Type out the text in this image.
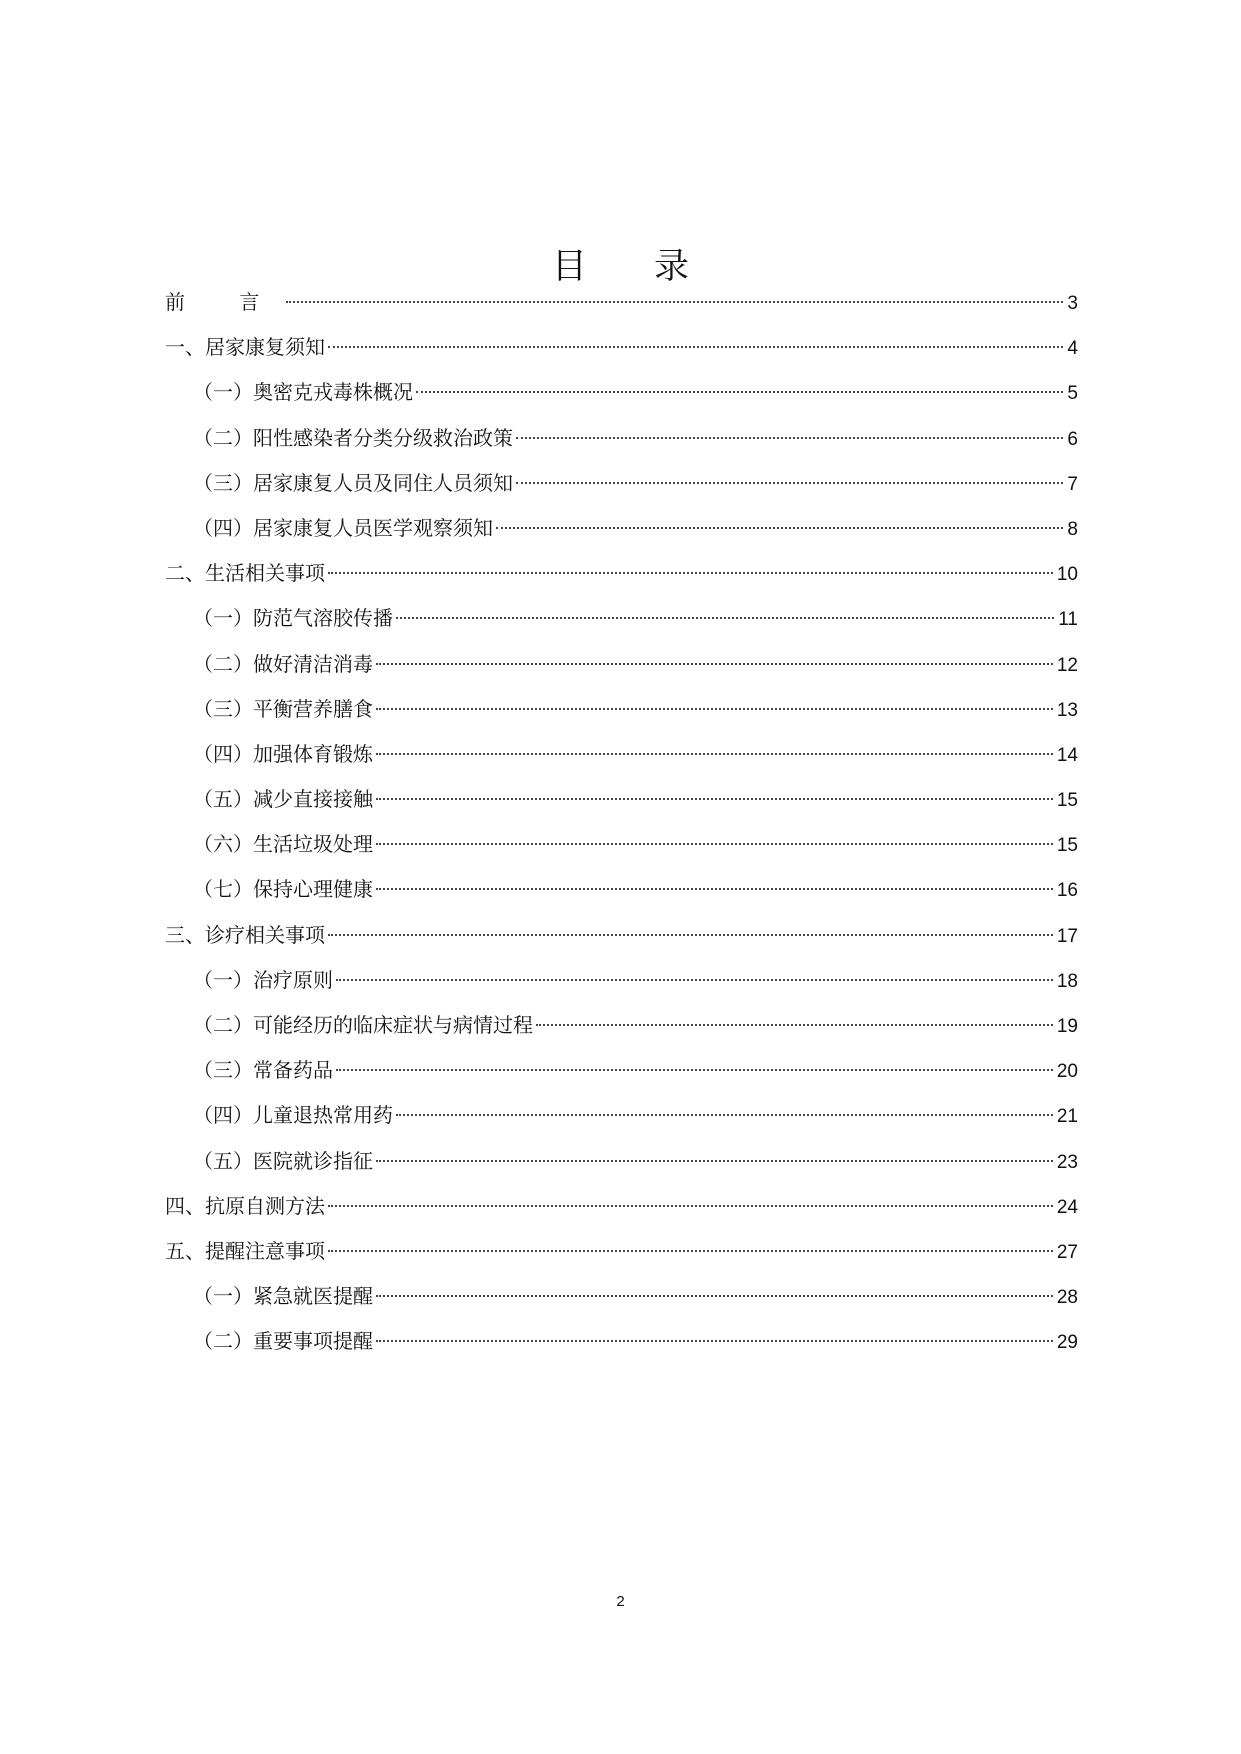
目 录
前 言	3
一、居家康复须知	4
（一）奥密克戎毒株概况	5
（二）阳性感染者分类分级救治政策	6
（三）居家康复人员及同住人员须知	7
（四）居家康复人员医学观察须知	8
二、生活相关事项	10
（一）防范气溶胶传播	11
（二）做好清洁消毒	12
（三）平衡营养膳食	13
（四）加强体育锻炼	14
（五）减少直接接触	15
（六）生活垃圾处理	15
（七）保持心理健康	16
三、诊疗相关事项	17
（一）治疗原则	18
（二）可能经历的临床症状与病情过程	19
（三）常备药品	20
（四）儿童退热常用药	21
（五）医院就诊指征	23
四、抗原自测方法	24
五、提醒注意事项	27
（一）紧急就医提醒	28
（二）重要事项提醒	29
2
